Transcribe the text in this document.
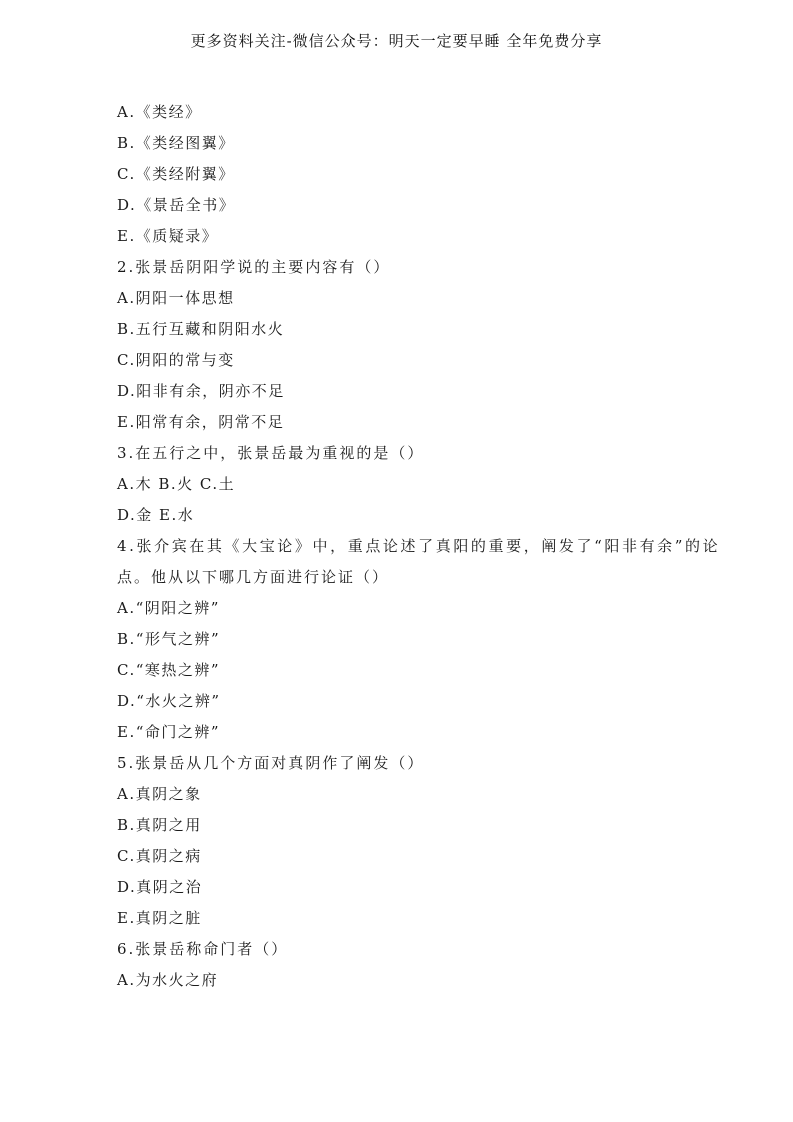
更多资料关注-微信公众号：明天一定要早睡 全年免费分享
A.《类经》
B.《类经图翼》
C.《类经附翼》
D.《景岳全书》
E.《质疑录》
2.张景岳阴阳学说的主要内容有（）
A.阴阳一体思想
B.五行互藏和阴阳水火
C.阴阳的常与变
D.阳非有余，阴亦不足
E.阳常有余，阴常不足
3.在五行之中，张景岳最为重视的是（）
A.木 B.火 C.土
D.金 E.水
4.张介宾在其《大宝论》中，重点论述了真阳的重要，阐发了“阳非有余”的论
点。他从以下哪几方面进行论证（）
A.“阴阳之辨”
B.“形气之辨”
C.“寒热之辨”
D.“水火之辨”
E.“命门之辨”
5.张景岳从几个方面对真阴作了阐发（）
A.真阴之象
B.真阴之用
C.真阴之病
D.真阴之治
E.真阴之脏
6.张景岳称命门者（）
A.为水火之府
